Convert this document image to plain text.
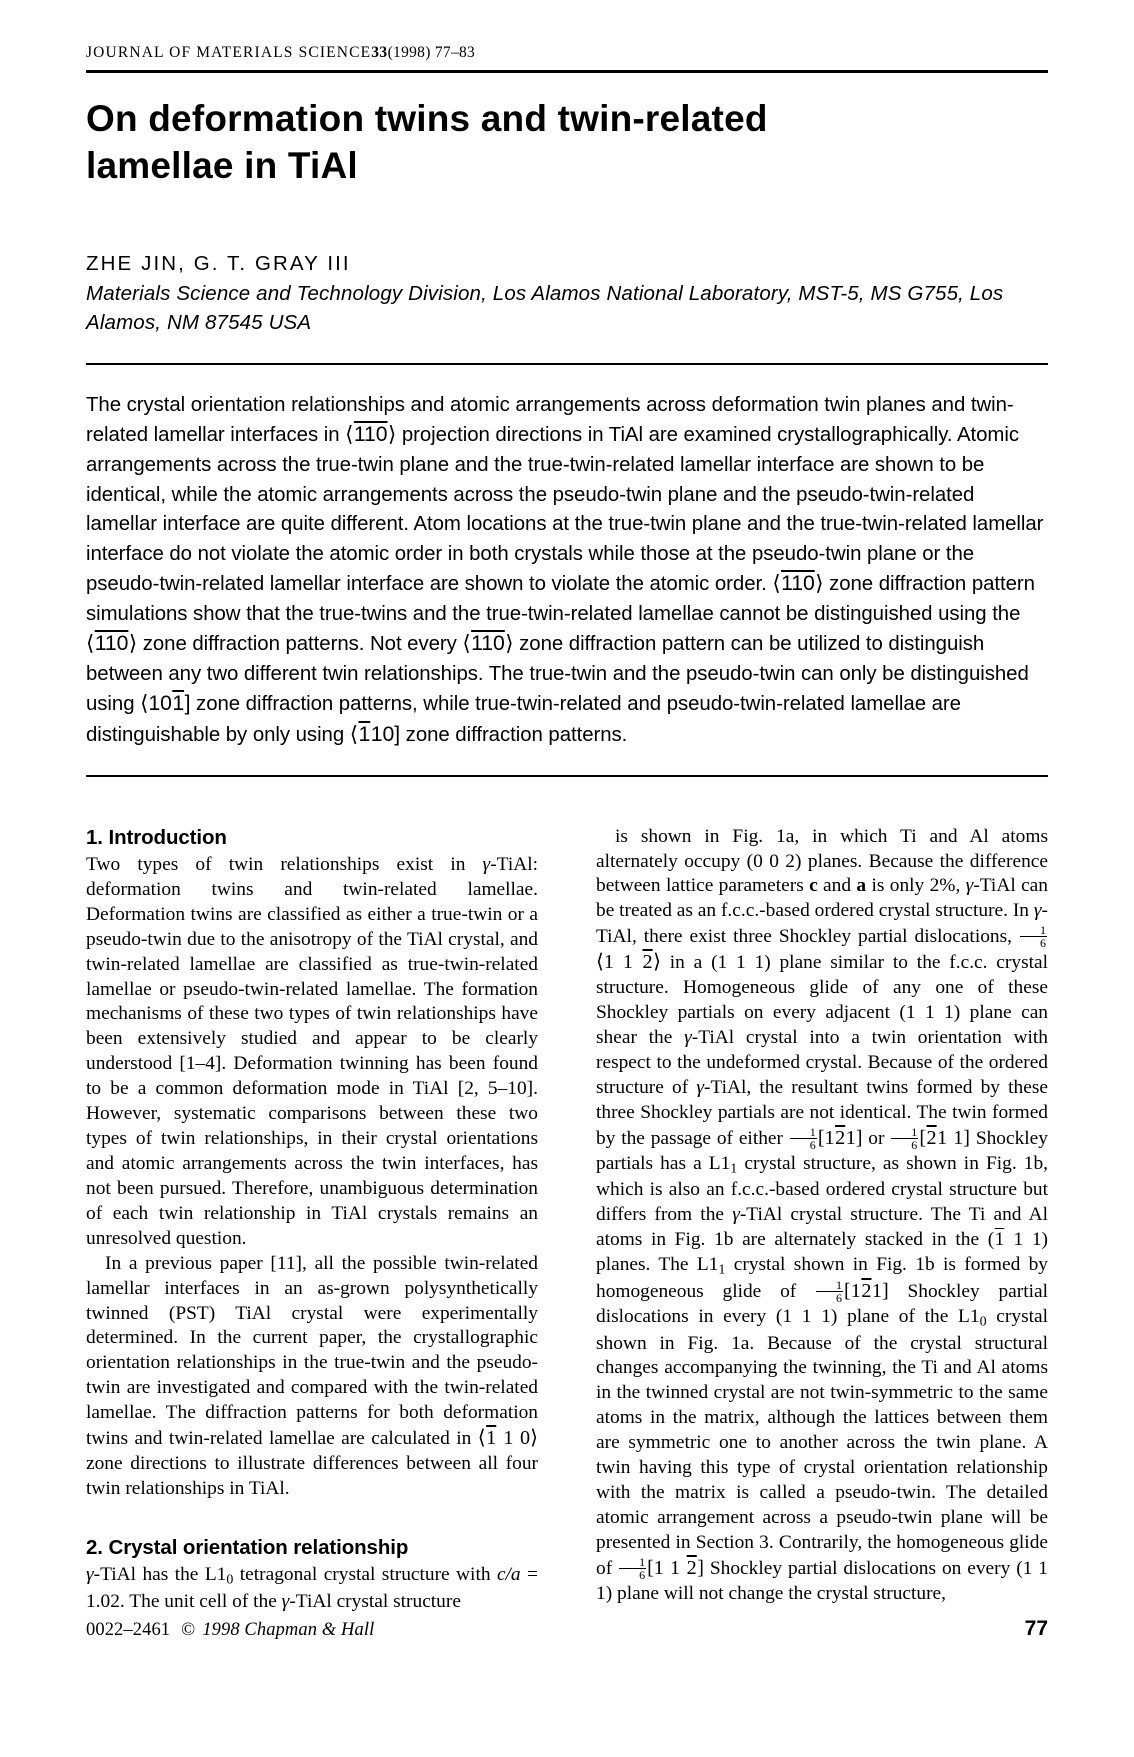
JOURNAL OF MATERIALS SCIENCE33(1998) 77–83
On deformation twins and twin-related lamellae in TiAl
ZHE JIN, G. T. GRAY III
Materials Science and Technology Division, Los Alamos National Laboratory, MST-5, MS G755, Los Alamos, NM 87545 USA
The crystal orientation relationships and atomic arrangements across deformation twin planes and twin-related lamellar interfaces in ⟨110⟩ projection directions in TiAl are examined crystallographically. Atomic arrangements across the true-twin plane and the true-twin-related lamellar interface are shown to be identical, while the atomic arrangements across the pseudo-twin plane and the pseudo-twin-related lamellar interface are quite different. Atom locations at the true-twin plane and the true-twin-related lamellar interface do not violate the atomic order in both crystals while those at the pseudo-twin plane or the pseudo-twin-related lamellar interface are shown to violate the atomic order. ⟨110⟩ zone diffraction pattern simulations show that the true-twins and the true-twin-related lamellae cannot be distinguished using the ⟨110⟩ zone diffraction patterns. Not every ⟨110⟩ zone diffraction pattern can be utilized to distinguish between any two different twin relationships. The true-twin and the pseudo-twin can only be distinguished using ⟨101] zone diffraction patterns, while true-twin-related and pseudo-twin-related lamellae are distinguishable by only using ⟨110] zone diffraction patterns.
1. Introduction

Two types of twin relationships exist in γ-TiAl: deformation twins and twin-related lamellae. Deformation twins are classified as either a true-twin or a pseudo-twin due to the anisotropy of the TiAl crystal, and twin-related lamellae are classified as true-twin-related lamellae or pseudo-twin-related lamellae. The formation mechanisms of these two types of twin relationships have been extensively studied and appear to be clearly understood [1–4]. Deformation twinning has been found to be a common deformation mode in TiAl [2, 5–10]. However, systematic comparisons between these two types of twin relationships, in their crystal orientations and atomic arrangements across the twin interfaces, has not been pursued. Therefore, unambiguous determination of each twin relationship in TiAl crystals remains an unresolved question.

In a previous paper [11], all the possible twin-related lamellar interfaces in an as-grown polysynthetically twinned (PST) TiAl crystal were experimentally determined. In the current paper, the crystallographic orientation relationships in the true-twin and the pseudo-twin are investigated and compared with the twin-related lamellae. The diffraction patterns for both deformation twins and twin-related lamellae are calculated in ⟨1 1 0⟩ zone directions to illustrate differences between all four twin relationships in TiAl.

2. Crystal orientation relationship

γ-TiAl has the $L1_0$ tetragonal crystal structure with c/a = 1.02. The unit cell of the γ-TiAl crystal structure

is shown in Fig. 1a, in which Ti and Al atoms alternately occupy (0 0 2) planes. Because the difference between lattice parameters c and a is only 2%, γ-TiAl can be treated as an f.c.c.-based ordered crystal structure. In γ-TiAl, there exist three Shockley partial dislocations, $\frac{1}{6}$
⟨1 1 2⟩ in a (1 1 1) plane similar to the f.c.c. crystal structure. Homogeneous glide of any one of these Shockley partials on every adjacent (1 1 1) plane can shear the γ-TiAl crystal into a twin orientation with respect to the undeformed crystal. Because of the ordered structure of γ-TiAl, the resultant twins formed by these three Shockley partials are not identical. The twin formed by the passage of either $\frac{1}{6} [121]$ or $\frac{1}{6} [21$ 1] Shockley partials has a $L1_1$ crystal structure, as shown in Fig. 1b, which is also an f.c.c.-based ordered crystal structure but differs from the γ-TiAl crystal structure. The Ti and Al atoms in Fig. 1b are alternately stacked in the (1 1 1) planes. The $L1_1$ crystal shown in Fig. 1b is formed by homogeneous glide of $\frac{1}{6} [121]$ Shockley partial dislocations in every (1 1 1) plane of the $L1_0$ crystal shown in Fig. 1a. Because of the crystal structural changes accompanying the twinning, the Ti and Al atoms in the twinned crystal are not twin-symmetric to the same atoms in the matrix, although the lattices between them are symmetric one to another across the twin plane. A twin having this type of crystal orientation relationship with the matrix is called a pseudo-twin. The detailed atomic arrangement across a pseudo-twin plane will be presented in Section 3. Contrarily, the homogeneous glide of $\frac{1}{6} [1$ 1 2] Shockley partial dislocations on every (1 1 1) plane will not change the crystal structure,

0022–2461 © 1998 Chapman & Hall	77
